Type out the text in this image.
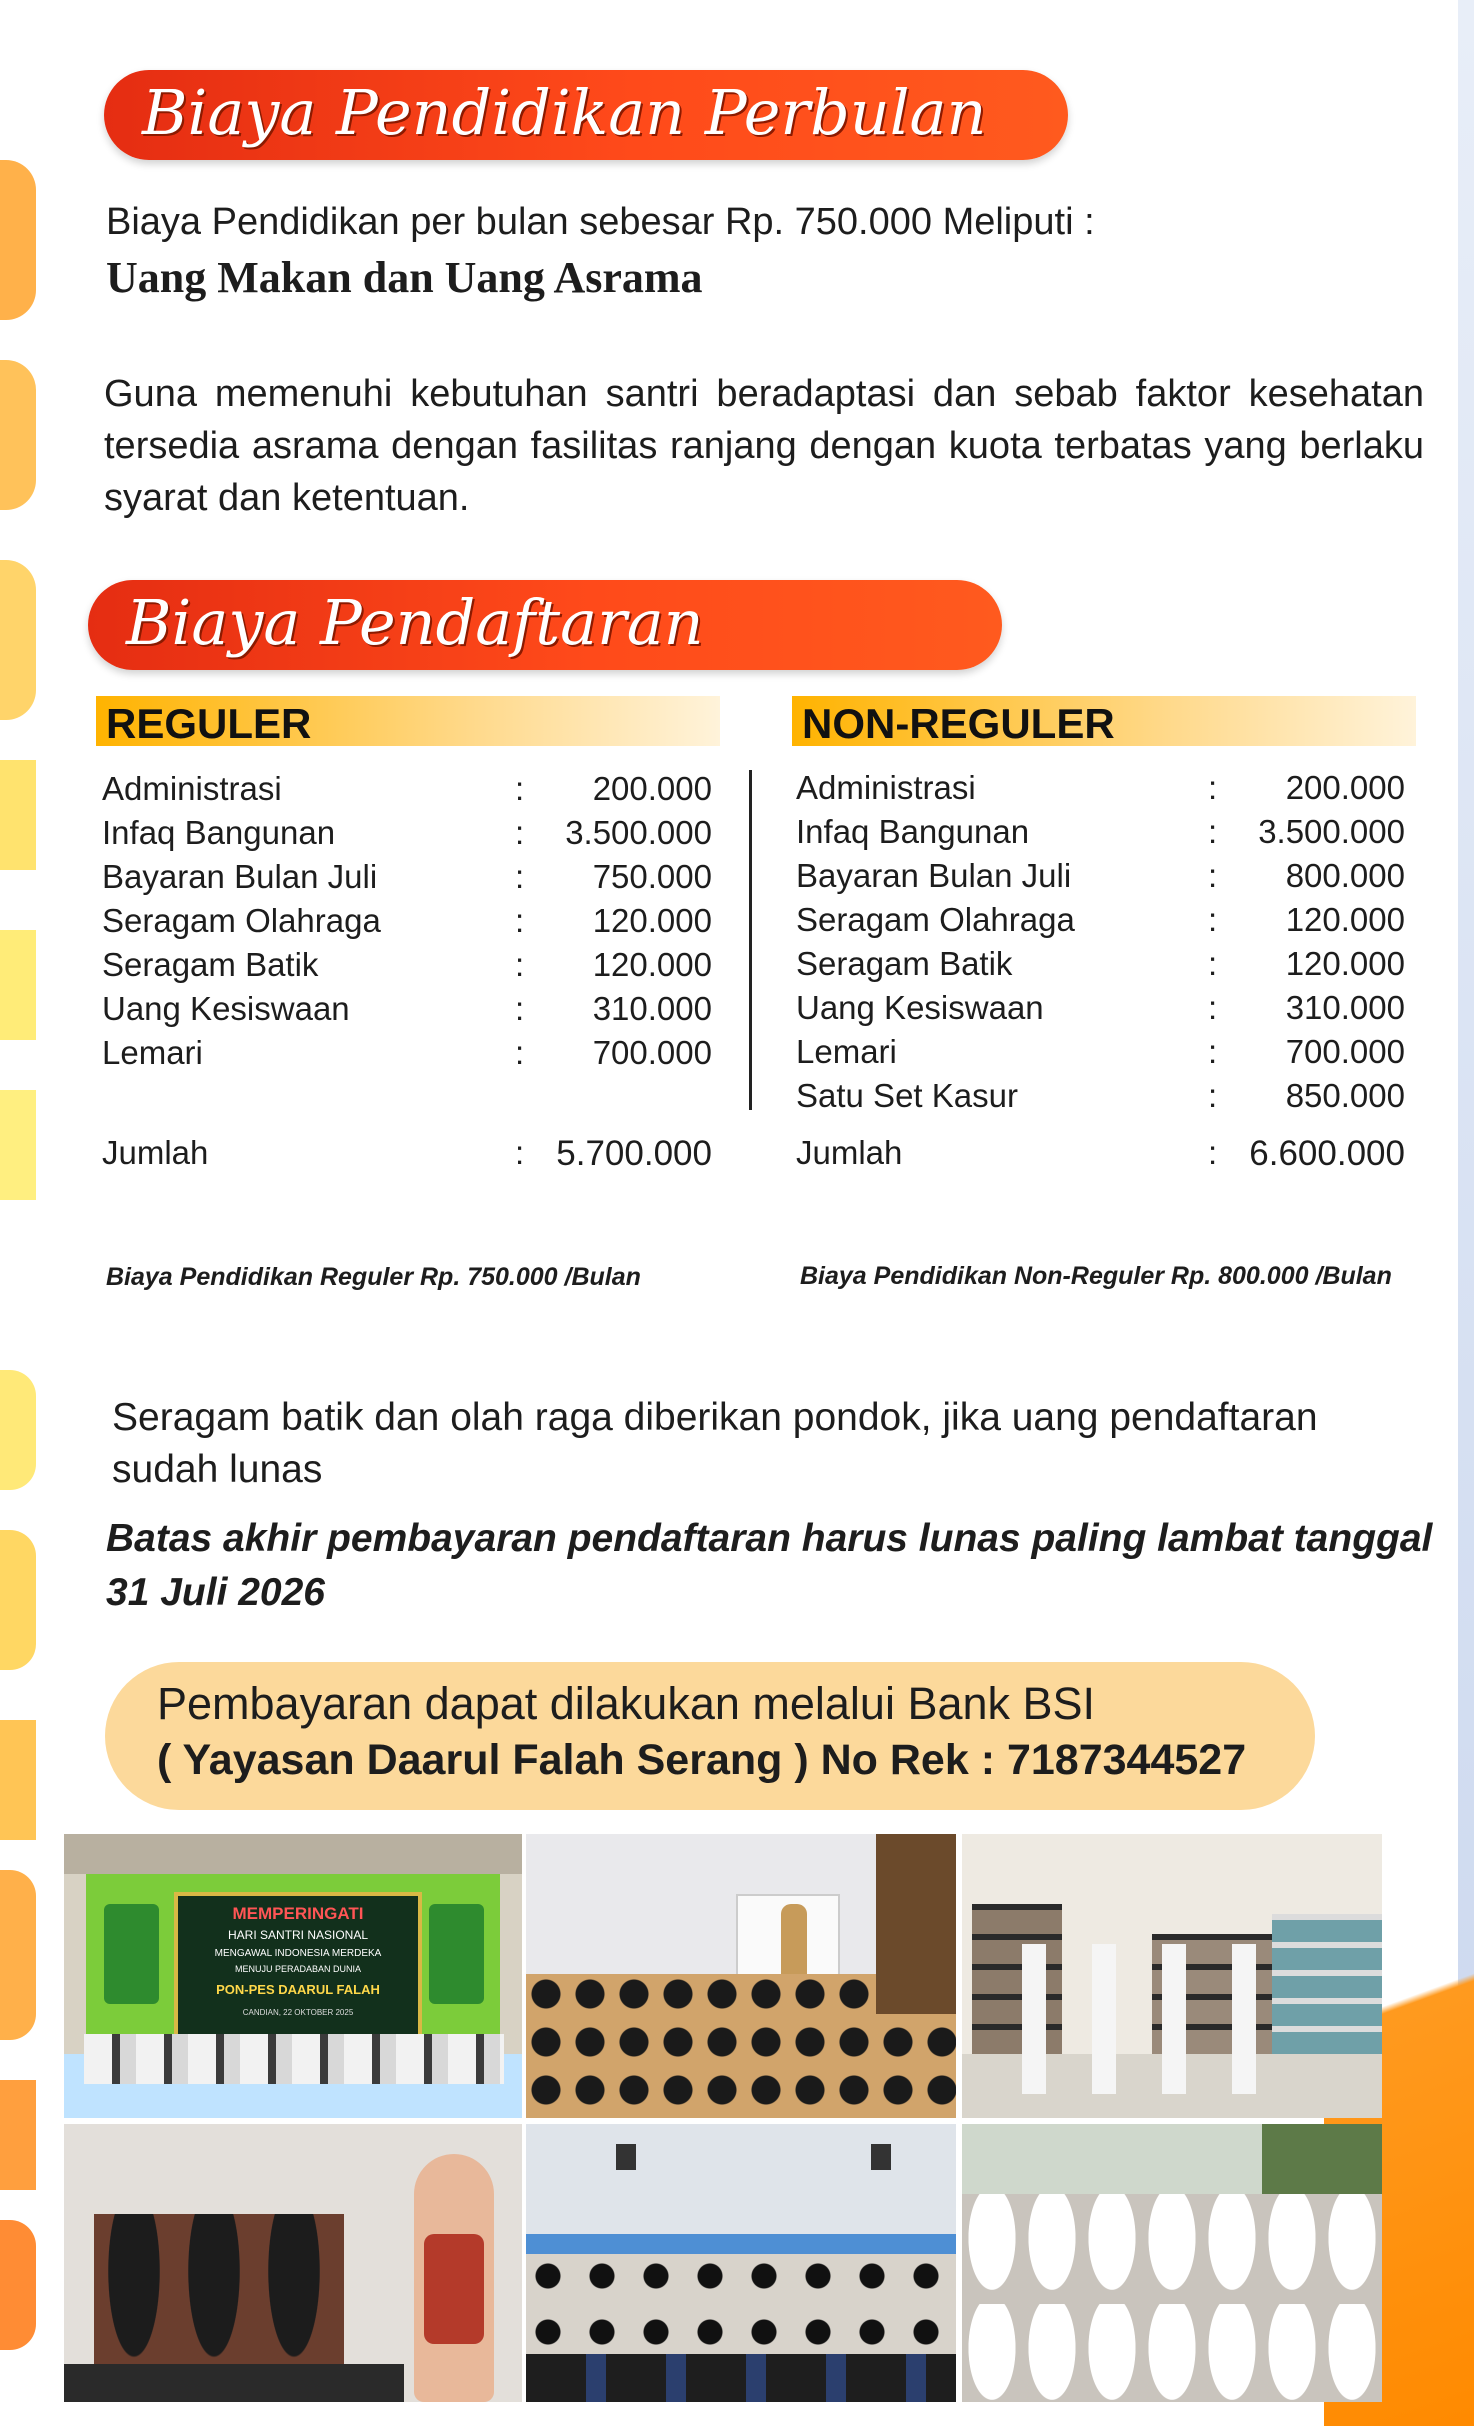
Biaya Pendidikan Perbulan
Biaya Pendidikan per bulan sebesar Rp. 750.000 Meliputi :
Uang Makan dan Uang Asrama
Guna memenuhi kebutuhan santri beradaptasi dan sebab faktor kesehatan tersedia asrama dengan fasilitas ranjang dengan kuota terbatas yang berlaku syarat dan ketentuan.
Biaya Pendaftaran
REGULER	NON-REGULER
Administrasi	: 200.000
Infaq Bangunan	: 3.500.000
Bayaran Bulan Juli	: 750.000
Seragam Olahraga	: 120.000
Seragam Batik	: 120.000
Uang Kesiswaan	: 310.000
Lemari	: 700.000
Jumlah	: 5.700.000
Administrasi	: 200.000
Infaq Bangunan	: 3.500.000
Bayaran Bulan Juli	: 800.000
Seragam Olahraga	: 120.000
Seragam Batik	: 120.000
Uang Kesiswaan	: 310.000
Lemari	: 700.000
Satu Set Kasur	: 850.000
Jumlah	: 6.600.000
Biaya Pendidikan Reguler Rp. 750.000 /Bulan	Biaya Pendidikan Non-Reguler Rp. 800.000 /Bulan
Seragam batik dan olah raga diberikan pondok, jika uang pendaftaran sudah lunas
Batas akhir pembayaran pendaftaran harus lunas paling lambat tanggal 31 Juli 2026
Pembayaran dapat dilakukan melalui Bank BSI
( Yayasan Daarul Falah Serang ) No Rek : 7187344527
MEMPERINGATI
HARI SANTRI NASIONAL
MENGAWAL INDONESIA MERDEKA
MENUJU PERADABAN DUNIA
PON-PES DAARUL FALAH
CANDIAN, 22 OKTOBER 2025
